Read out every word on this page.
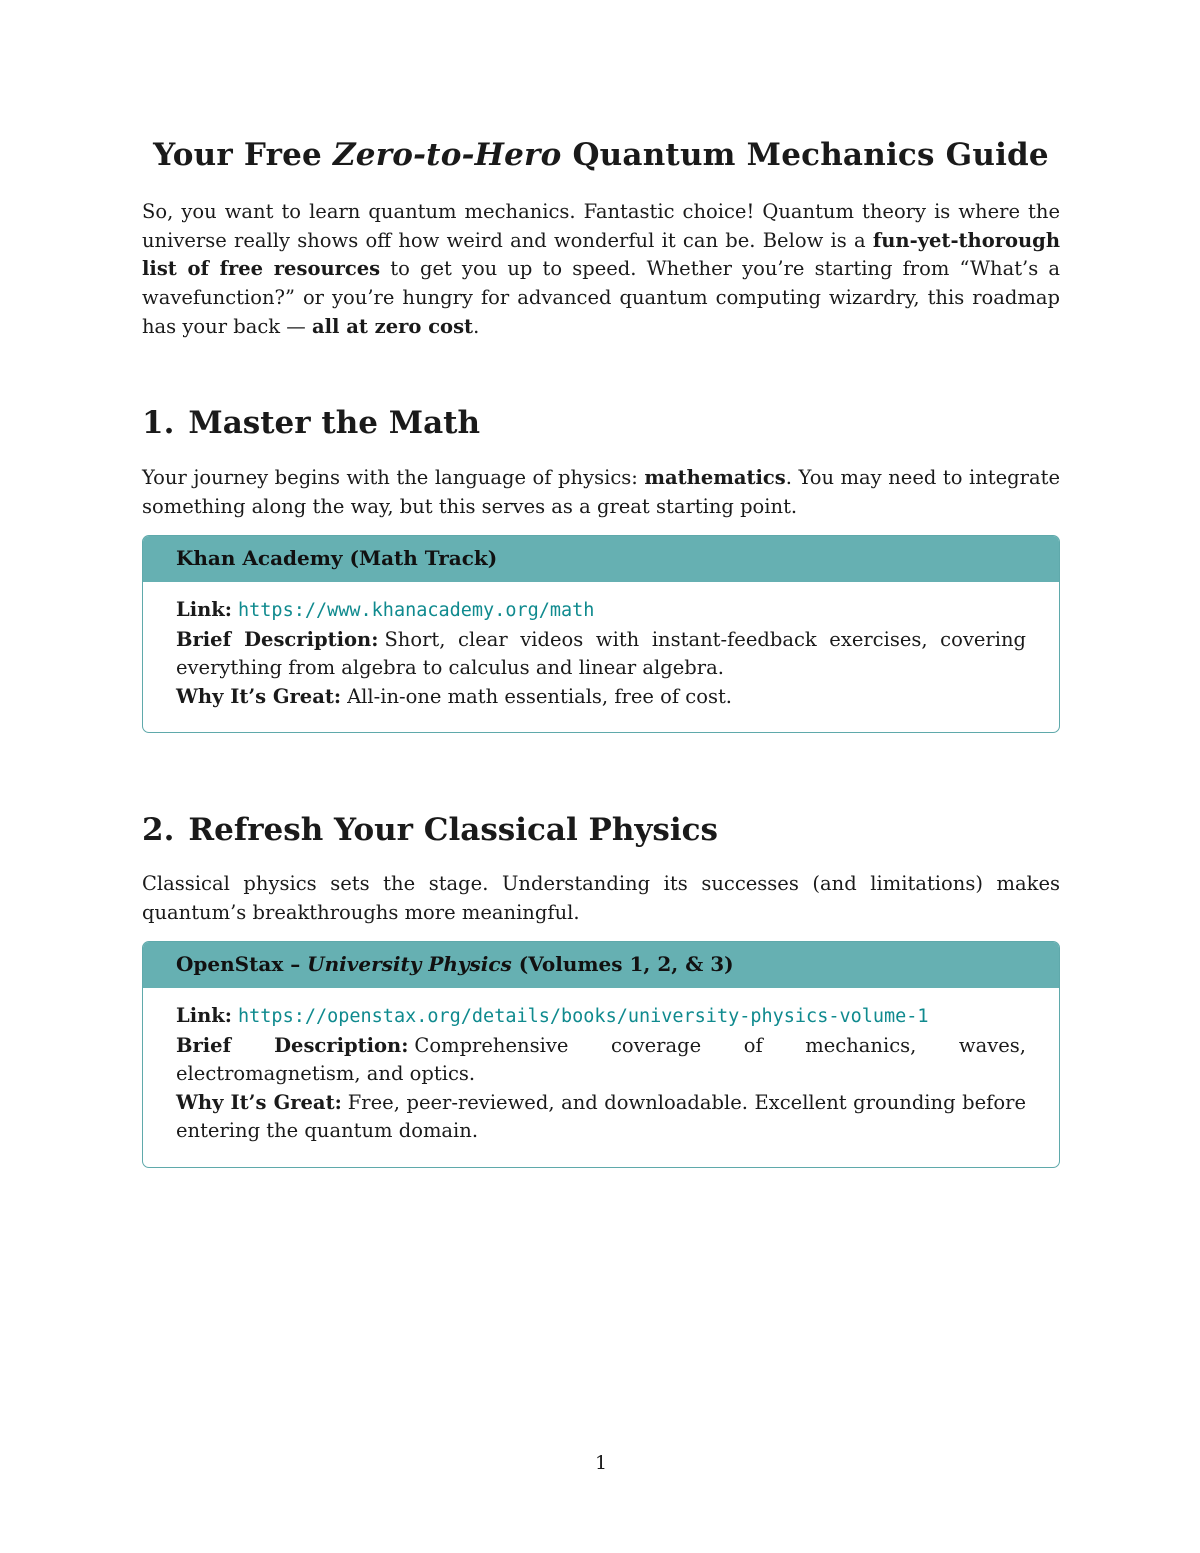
Your Free Zero-to-Hero Quantum Mechanics Guide

So, you want to learn quantum mechanics. Fantastic choice! Quantum theory is where the universe really shows off how weird and wonderful it can be. Below is a fun-yet-thorough list of free resources to get you up to speed. Whether you’re starting from “What’s a wavefunction?” or you’re hungry for advanced quantum computing wizardry, this roadmap has your back — all at zero cost.

1. Master the Math

Your journey begins with the language of physics: mathematics. You may need to integrate something along the way, but this serves as a great starting point.

Khan Academy (Math Track)

Link: https://www.khanacademy.org/math

Brief Description: Short, clear videos with instant-feedback exercises, covering everything from algebra to calculus and linear algebra.

Why It’s Great: All-in-one math essentials, free of cost.

2. Refresh Your Classical Physics

Classical physics sets the stage. Understanding its successes (and limitations) makes quantum’s breakthroughs more meaningful.

OpenStax – University Physics (Volumes 1, 2, & 3)

Link: https://openstax.org/details/books/university-physics-volume-1

Brief Description: Comprehensive coverage of mechanics, waves, electromagnetism, and optics.

Why It’s Great: Free, peer-reviewed, and downloadable. Excellent grounding before entering the quantum domain.

1
